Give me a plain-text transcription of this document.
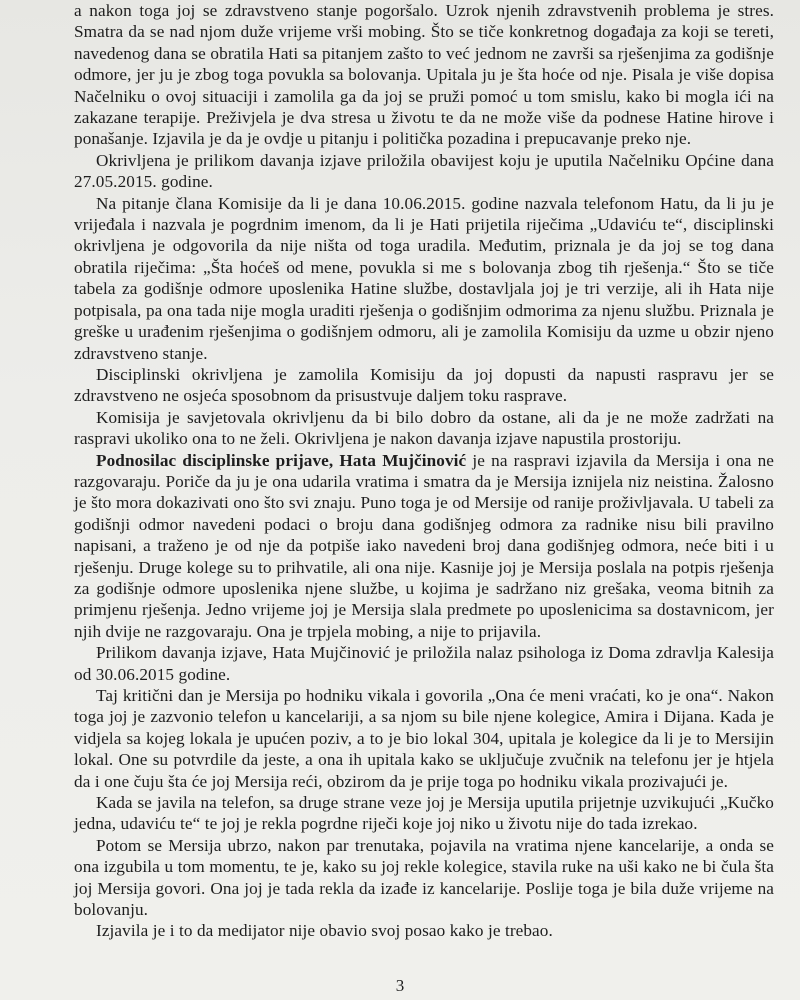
a nakon toga joj se zdravstveno stanje pogoršalo. Uzrok njenih zdravstvenih problema je stres. Smatra da se nad njom duže vrijeme vrši mobing. Što se tiče konkretnog događaja za koji se tereti, navedenog dana se obratila Hati sa pitanjem zašto to već jednom ne završi sa rješenjima za godišnje odmore, jer ju je zbog toga povukla sa bolovanja. Upitala ju je šta hoće od nje. Pisala je više dopisa Načelniku o ovoj situaciji i zamolila ga da joj se pruži pomoć u tom smislu, kako bi mogla ići na zakazane terapije. Preživjela je dva stresa u životu te da ne može više da podnese Hatine hirove i ponašanje. Izjavila je da je ovdje u pitanju i politička pozadina i prepucavanje preko nje.

Okrivljena je prilikom davanja izjave priložila obavijest koju je uputila Načelniku Općine dana 27.05.2015. godine.

Na pitanje člana Komisije da li je dana 10.06.2015. godine nazvala telefonom Hatu, da li ju je vrijeđala i nazvala je pogrdnim imenom, da li je Hati prijetila riječima „Udaviću te“, disciplinski okrivljena je odgovorila da nije ništa od toga uradila. Međutim, priznala je da joj se tog dana obratila riječima: „Šta hoćeš od mene, povukla si me s bolovanja zbog tih rješenja.“ Što se tiče tabela za godišnje odmore uposlenika Hatine službe, dostavljala joj je tri verzije, ali ih Hata nije potpisala, pa ona tada nije mogla uraditi rješenja o godišnjim odmorima za njenu službu. Priznala je greške u urađenim rješenjima o godišnjem odmoru, ali je zamolila Komisiju da uzme u obzir njeno zdravstveno stanje.

Disciplinski okrivljena je zamolila Komisiju da joj dopusti da napusti raspravu jer se zdravstveno ne osjeća sposobnom da prisustvuje daljem toku rasprave.

Komisija je savjetovala okrivljenu da bi bilo dobro da ostane, ali da je ne može zadržati na raspravi ukoliko ona to ne želi. Okrivljena je nakon davanja izjave napustila prostoriju.

Podnosilac disciplinske prijave, Hata Mujčinović je na raspravi izjavila da Mersija i ona ne razgovaraju. Poriče da ju je ona udarila vratima i smatra da je Mersija iznijela niz neistina. Žalosno je što mora dokazivati ono što svi znaju. Puno toga je od Mersije od ranije proživljavala. U tabeli za godišnji odmor navedeni podaci o broju dana godišnjeg odmora za radnike nisu bili pravilno napisani, a traženo je od nje da potpiše iako navedeni broj dana godišnjeg odmora, neće biti i u rješenju. Druge kolege su to prihvatile, ali ona nije. Kasnije joj je Mersija poslala na potpis rješenja za godišnje odmore uposlenika njene službe, u kojima je sadržano niz grešaka, veoma bitnih za primjenu rješenja. Jedno vrijeme joj je Mersija slala predmete po uposlenicima sa dostavnicom, jer njih dvije ne razgovaraju. Ona je trpjela mobing, a nije to prijavila.

Prilikom davanja izjave, Hata Mujčinović je priložila nalaz psihologa iz Doma zdravlja Kalesija od 30.06.2015 godine.

Taj kritični dan je Mersija po hodniku vikala i govorila „Ona će meni vraćati, ko je ona“. Nakon toga joj je zazvonio telefon u kancelariji, a sa njom su bile njene kolegice, Amira i Dijana. Kada je vidjela sa kojeg lokala je upućen poziv, a to je bio lokal 304, upitala je kolegice da li je to Mersijin lokal. One su potvrdile da jeste, a ona ih upitala kako se uključuje zvučnik na telefonu jer je htjela da i one čuju šta će joj Mersija reći, obzirom da je prije toga po hodniku vikala prozivajući je.

Kada se javila na telefon, sa druge strane veze joj je Mersija uputila prijetnje uzvikujući „Kučko jedna, udaviću te“ te joj je rekla pogrdne riječi koje joj niko u životu nije do tada izrekao.

Potom se Mersija ubrzo, nakon par trenutaka, pojavila na vratima njene kancelarije, a onda se ona izgubila u tom momentu, te je, kako su joj rekle kolegice, stavila ruke na uši kako ne bi čula šta joj Mersija govori. Ona joj je tada rekla da izađe iz kancelarije. Poslije toga je bila duže vrijeme na bolovanju.

Izjavila je i to da medijator nije obavio svoj posao kako je trebao.

3
